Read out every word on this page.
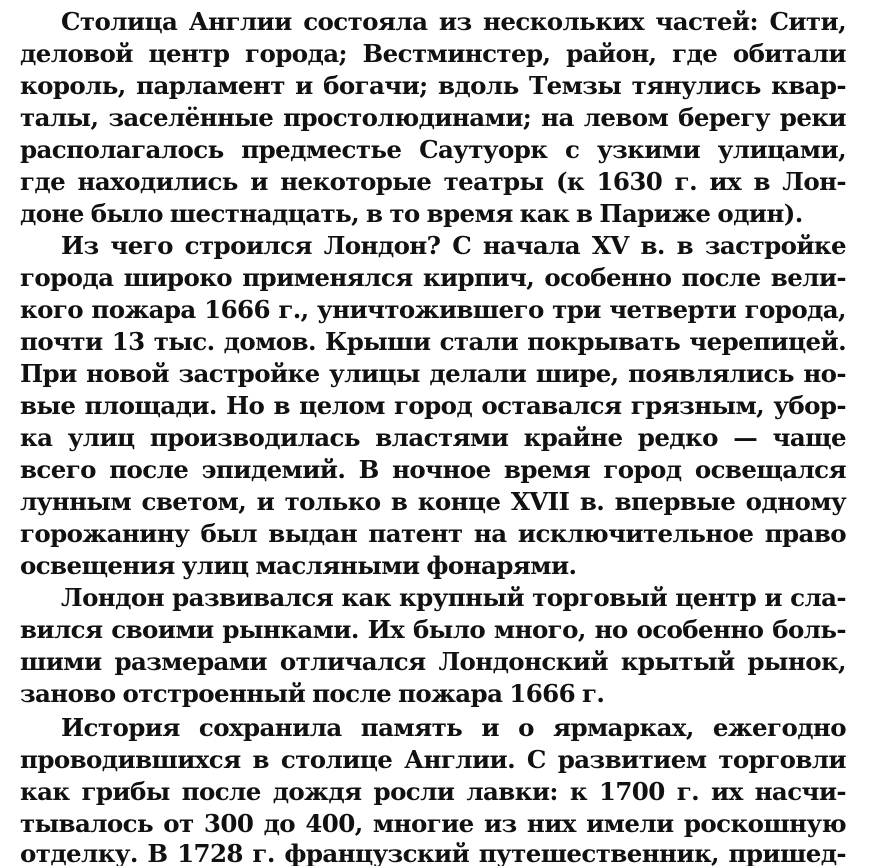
Столица Англии состояла из нескольких частей: Сити,
деловой центр города; Вестминстер, район, где обитали
король, парламент и богачи; вдоль Темзы тянулись квар-
талы, заселённые простолюдинами; на левом берегу реки
располагалось предместье Саутуорк с узкими улицами,
где находились и некоторые театры (к 1630 г. их в Лон-
доне было шестнадцать, в то время как в Париже один).
Из чего строился Лондон? С начала XV в. в застройке
города широко применялся кирпич, особенно после вели-
кого пожара 1666 г., уничтожившего три четверти города,
почти 13 тыс. домов. Крыши стали покрывать черепицей.
При новой застройке улицы делали шире, появлялись но-
вые площади. Но в целом город оставался грязным, убор-
ка улиц производилась властями крайне редко — чаще
всего после эпидемий. В ночное время город освещался
лунным светом, и только в конце XVII в. впервые одному
горожанину был выдан патент на исключительное право
освещения улиц масляными фонарями.
Лондон развивался как крупный торговый центр и сла-
вился своими рынками. Их было много, но особенно боль-
шими размерами отличался Лондонский крытый рынок,
заново отстроенный после пожара 1666 г.
История сохранила память и о ярмарках, ежегодно
проводившихся в столице Англии. С развитием торговли
как грибы после дождя росли лавки: к 1700 г. их насчи-
тывалось от 300 до 400, многие из них имели роскошную
отделку. В 1728 г. французский путешественник, пришед-
